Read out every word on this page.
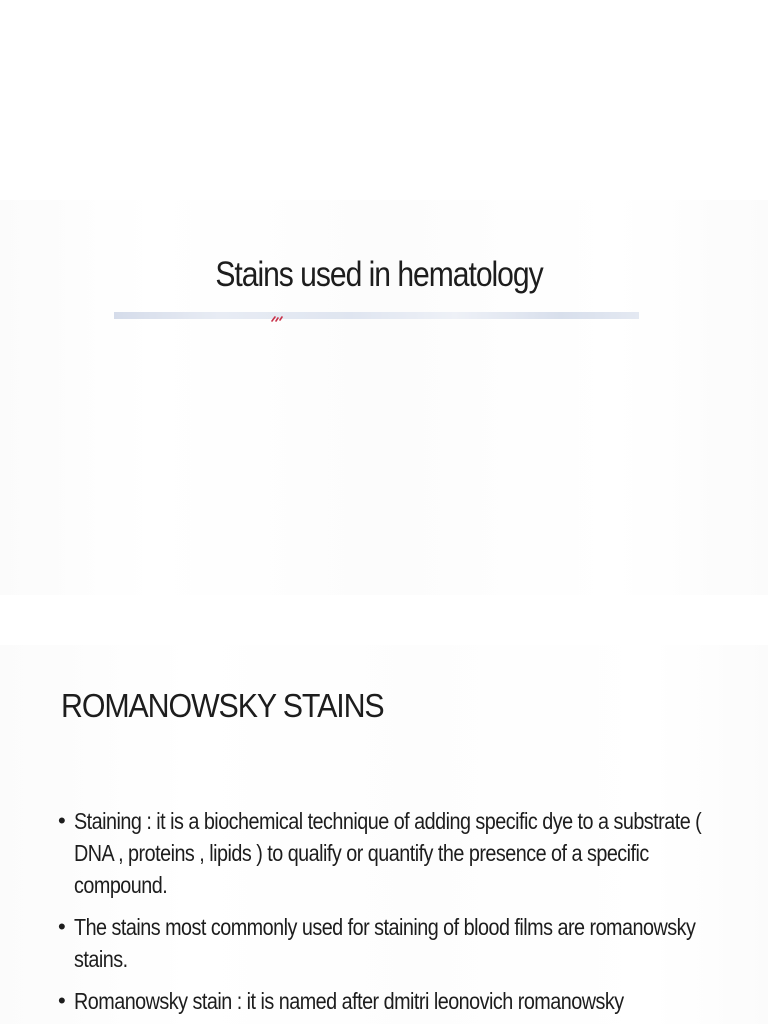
Stains used in hematology
ROMANOWSKY STAINS
• Staining : it is a biochemical technique of adding specific dye to a substrate ( DNA , proteins , lipids ) to qualify or quantify the presence of a specific compound.
• The stains most commonly used for staining of blood films are romanowsky stains.
• Romanowsky stain : it is named after dmitri leonovich romanowsky
